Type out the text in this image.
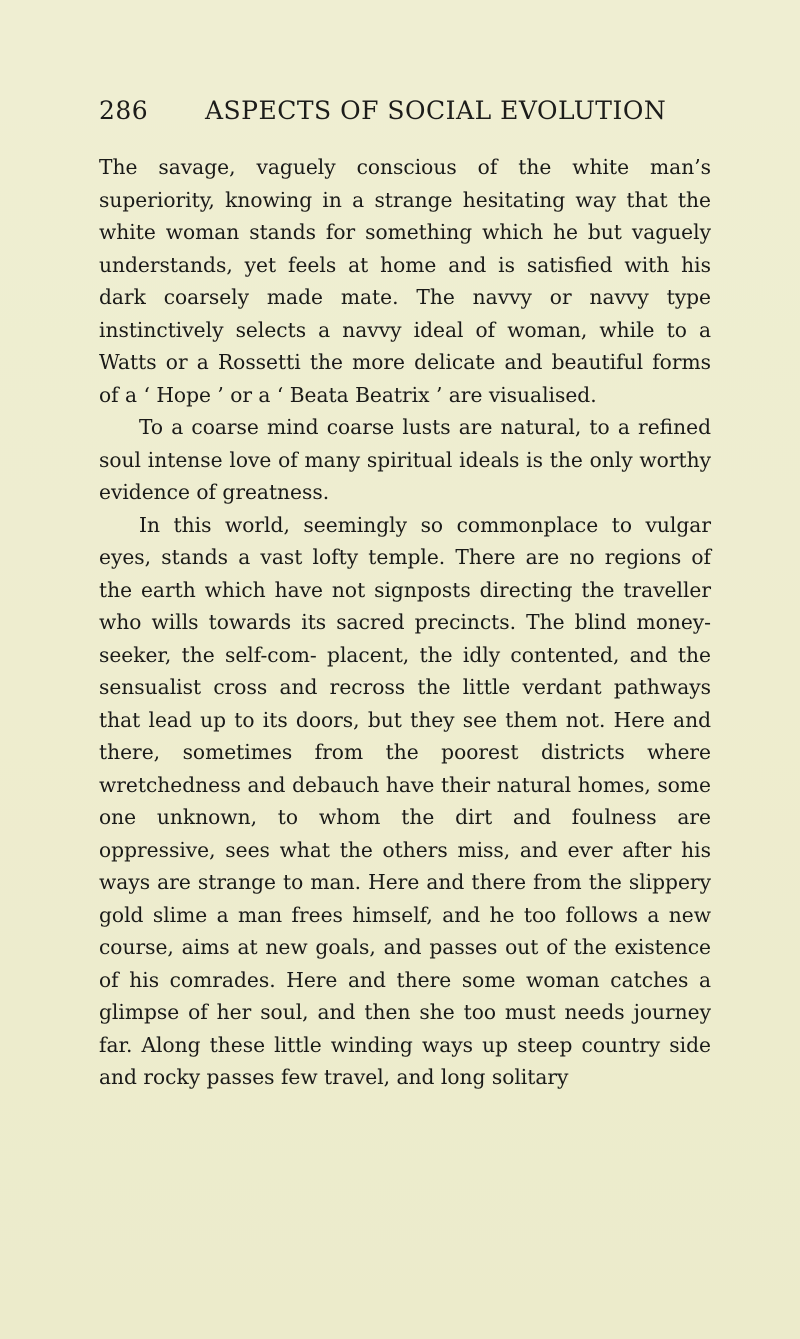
286 ASPECTS OF SOCIAL EVOLUTION

The savage, vaguely conscious of the white man’s superiority, knowing in a strange hesitating way that the white woman stands for something which he but vaguely understands, yet feels at home and is satisfied with his dark coarsely made mate. The navvy or navvy type instinctively selects a navvy ideal of woman, while to a Watts or a Rossetti the more delicate and beautiful forms of a ‘ Hope ’ or a ‘ Beata Beatrix ’ are visualised.

To a coarse mind coarse lusts are natural, to a refined soul intense love of many spiritual ideals is the only worthy evidence of greatness.

In this world, seemingly so commonplace to vulgar eyes, stands a vast lofty temple. There are no regions of the earth which have not signposts directing the traveller who wills towards its sacred precincts. The blind money-seeker, the self-com- placent, the idly contented, and the sensualist cross and recross the little verdant pathways that lead up to its doors, but they see them not. Here and there, sometimes from the poorest districts where wretchedness and debauch have their natural homes, some one unknown, to whom the dirt and foulness are oppressive, sees what the others miss, and ever after his ways are strange to man. Here and there from the slippery gold slime a man frees himself, and he too follows a new course, aims at new goals, and passes out of the existence of his comrades. Here and there some woman catches a glimpse of her soul, and then she too must needs journey far. Along these little winding ways up steep country side and rocky passes few travel, and long solitary
